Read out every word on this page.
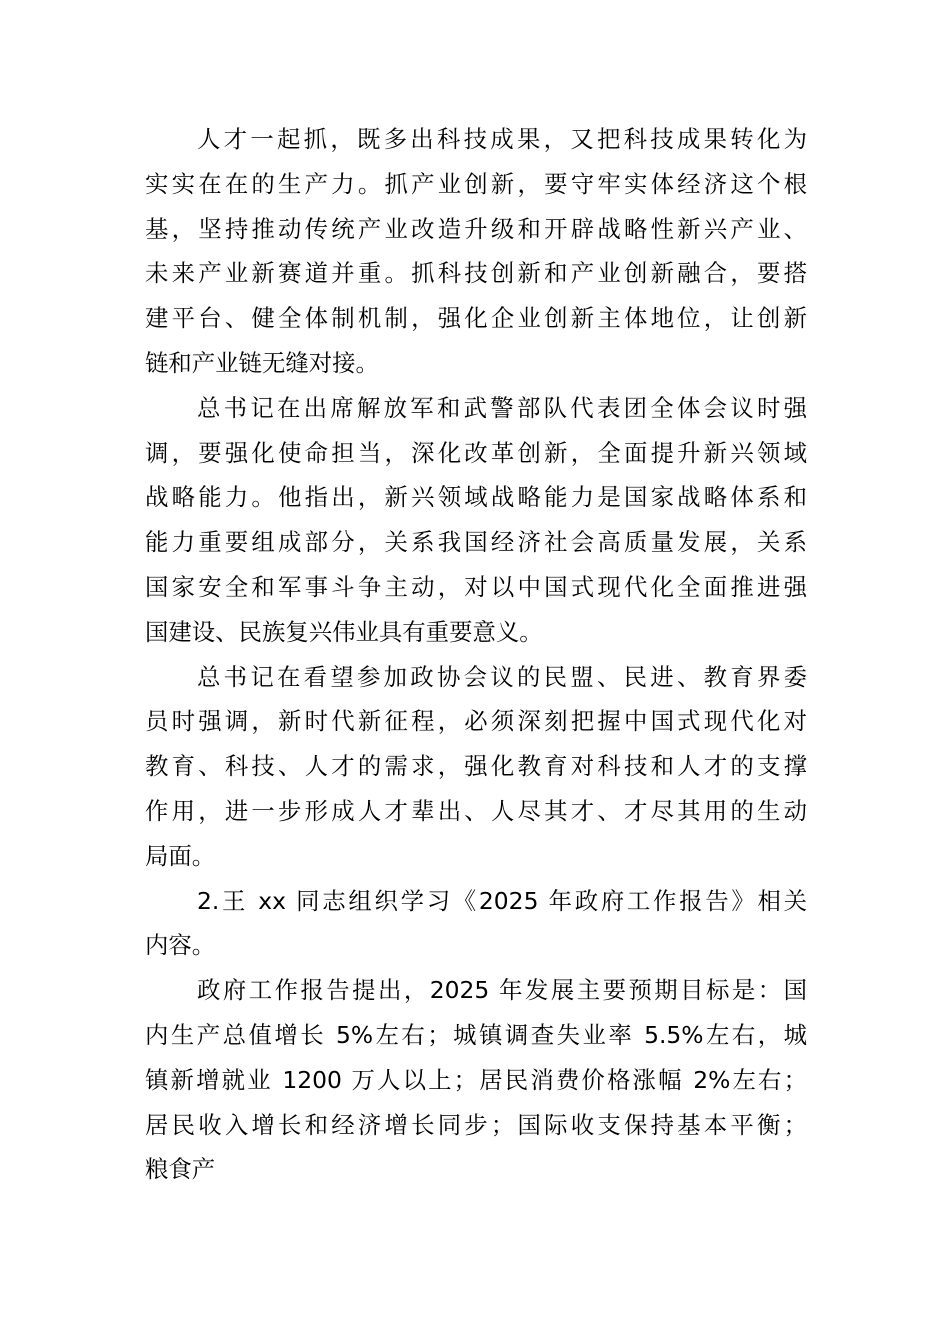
人才一起抓，既多出科技成果，又把科技成果转化为
实实在在的生产力。抓产业创新，要守牢实体经济这个根
基，坚持推动传统产业改造升级和开辟战略性新兴产业、
未来产业新赛道并重。抓科技创新和产业创新融合，要搭
建平台、健全体制机制，强化企业创新主体地位，让创新
链和产业链无缝对接。
总书记在出席解放军和武警部队代表团全体会议时强
调，要强化使命担当，深化改革创新，全面提升新兴领域
战略能力。他指出，新兴领域战略能力是国家战略体系和
能力重要组成部分，关系我国经济社会高质量发展，关系
国家安全和军事斗争主动，对以中国式现代化全面推进强
国建设、民族复兴伟业具有重要意义。
总书记在看望参加政协会议的民盟、民进、教育界委
员时强调，新时代新征程，必须深刻把握中国式现代化对
教育、科技、人才的需求，强化教育对科技和人才的支撑
作用，进一步形成人才辈出、人尽其才、才尽其用的生动
局面。
2.王 xx 同志组织学习《2025 年政府工作报告》相关
内容。
政府工作报告提出，2025 年发展主要预期目标是：国
内生产总值增长 5%左右；城镇调查失业率 5.5%左右，城
镇新增就业 1200 万人以上；居民消费价格涨幅 2%左右；
居民收入增长和经济增长同步；国际收支保持基本平衡；
粮食产
